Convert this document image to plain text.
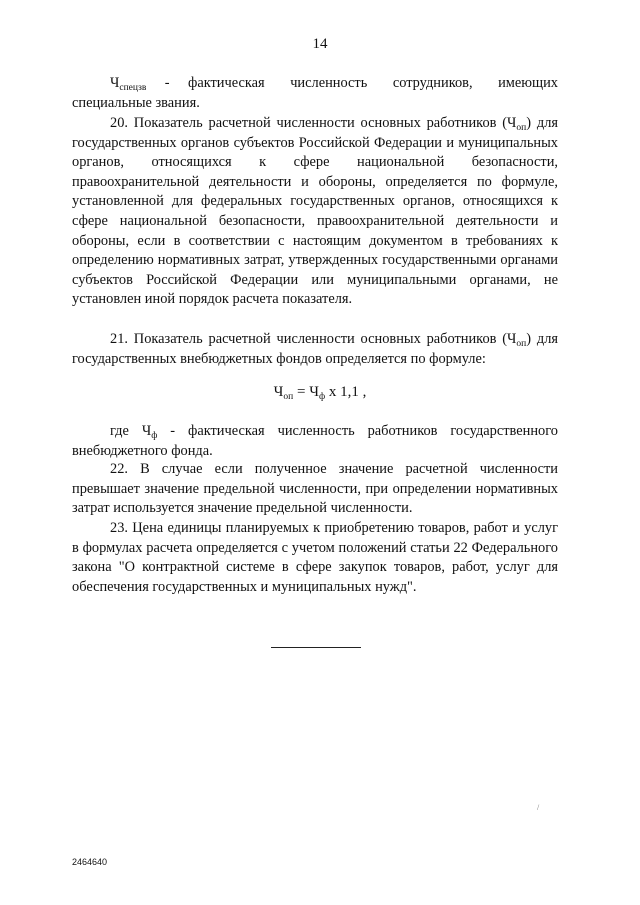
14

$Ч_{спецзв}$ - фактическая численность сотрудников, имеющих

специальные звания.

20. Показатель расчетной численности основных работников $(Ч_{оп})$ для государственных органов субъектов Российской Федерации и муниципальных органов, относящихся к сфере национальной безопасности, правоохранительной деятельности и обороны, определяется по формуле, установленной для федеральных государственных органов, относящихся к сфере национальной безопасности, правоохранительной деятельности и обороны, если в соответствии с настоящим документом в требованиях к определению нормативных затрат, утвержденных государственными органами субъектов Российской Федерации или муниципальными органами, не установлен иной порядок расчета показателя.

21. Показатель расчетной численности основных работников $(Ч_{оп})$ для государственных внебюджетных фондов определяется по формуле:

$Ч_{оп} = Ч_ф$ x 1,1 ,

где $Ч_ф$ - фактическая численность работников государственного внебюджетного фонда.

22. В случае если полученное значение расчетной численности превышает значение предельной численности, при определении нормативных затрат используется значение предельной численности.
23. Цена единицы планируемых к приобретению товаров, работ и услуг в формулах расчета определяется с учетом положений статьи 22 Федерального закона "О контрактной системе в сфере закупок товаров, работ, услуг для обеспечения государственных и муниципальных нужд".
/
2464640
